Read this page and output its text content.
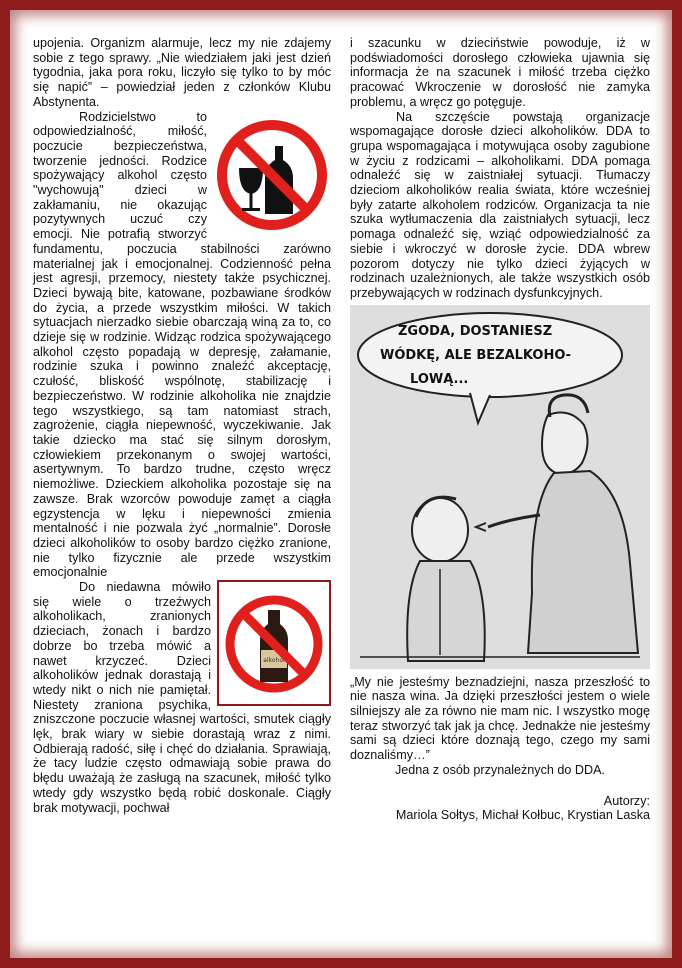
upojenia. Organizm alarmuje, lecz my nie zdajemy sobie z tego sprawy. „Nie wiedziałem jaki jest dzień tygodnia, jaka pora roku, liczyło się tylko to by móc się napić” – powiedział jeden z członków Klubu Abstynenta.

Rodzicielstwo to odpowiedzialność, miłość, poczucie bezpieczeństwa, tworzenie jedności. Rodzice spożywający alkohol często "wychowują" dzieci w zakłamaniu, nie okazując pozytywnych uczuć czy emocji. Nie potrafią stworzyć fundamentu, poczucia stabilności zarówno materialnej jak i emocjonalnej. Codzienność pełna jest agresji, przemocy, niestety także psychicznej. Dzieci bywają bite, katowane, pozbawiane środków do życia, a przede wszystkim miłości. W takich sytuacjach nierzadko siebie obarczają winą za to, co dzieje się w rodzinie. Widząc rodzica spożywającego alkohol często popadają w depresję, załamanie, rodzinie szuka i powinno znaleźć akceptację, czułość, bliskość wspólnotę, stabilizację i bezpieczeństwo. W rodzinie alkoholika nie znajdzie tego wszystkiego, są tam natomiast strach, zagrożenie, ciągła niepewność, wyczekiwanie. Jak takie dziecko ma stać się silnym dorosłym, człowiekiem przekonanym o swojej wartości, asertywnym. To bardzo trudne, często wręcz niemożliwe. Dzieckiem alkoholika pozostaje się na zawsze. Brak wzorców powoduje zamęt a ciągła egzystencja w lęku i niepewności zmienia mentalność i nie pozwala żyć „normalnie”. Dorosłe dzieci alkoholików to osoby bardzo ciężko zranione, nie tylko fizycznie ale przede wszystkim emocjonalnie

alkohol

Do niedawna mówiło się wiele o trzeźwych alkoholikach, zranionych dzieciach, żonach i bardzo dobrze bo trzeba mówić a nawet krzyczeć. Dzieci alkoholików jednak dorastają i wtedy nikt o nich nie pamiętał. Niestety zraniona psychika, zniszczone poczucie własnej wartości, smutek ciągły lęk, brak wiary w siebie dorastają wraz z nimi. Odbierają radość, siłę i chęć do działania. Sprawiają, że tacy ludzie często odmawiają sobie prawa do błędu uważają że zasługą na szacunek, miłość tylko wtedy gdy wszystko będą robić doskonale. Ciągły brak motywacji, pochwał

i szacunku w dzieciństwie powoduje, iż w podświadomości dorosłego człowieka ujawnia się informacja że na szacunek i miłość trzeba ciężko pracować Wkroczenie w dorosłość nie zamyka problemu, a wręcz go potęguje.

Na szczęście powstają organizacje wspomagające dorosłe dzieci alkoholików. DDA to grupa wspomagająca i motywująca osoby zagubione w życiu z rodzicami – alkoholikami. DDA pomaga odnaleźć się w zaistniałej sytuacji. Tłumaczy dzieciom alkoholików realia świata, które wcześniej były zatarte alkoholem rodziców. Organizacja ta nie szuka wytłumaczenia dla zaistniałych sytuacji, lecz pomaga odnaleźć się, wziąć odpowiedzialność za siebie i wkroczyć w dorosłe życie. DDA wbrew pozorom dotyczy nie tylko dzieci żyjących w rodzinach uzależnionych, ale także wszystkich osób przebywających w rodzinach dysfunkcyjnych.

ZGODA, DOSTANIESZ
WÓDKĘ, ALE BEZALKOHO-
LOWĄ...

„My nie jesteśmy beznadziejni, nasza przeszłość to nie nasza wina. Ja dzięki przeszłości jestem o wiele silniejszy ale za równo nie mam nic. I wszystko mogę teraz stworzyć tak jak ja chcę. Jednakże nie jesteśmy sami są dzieci które doznają tego, czego my sami doznaliśmy…”

Jedna z osób przynależnych do DDA.

Autorzy:

Mariola Sołtys, Michał Kołbuc, Krystian Laska
